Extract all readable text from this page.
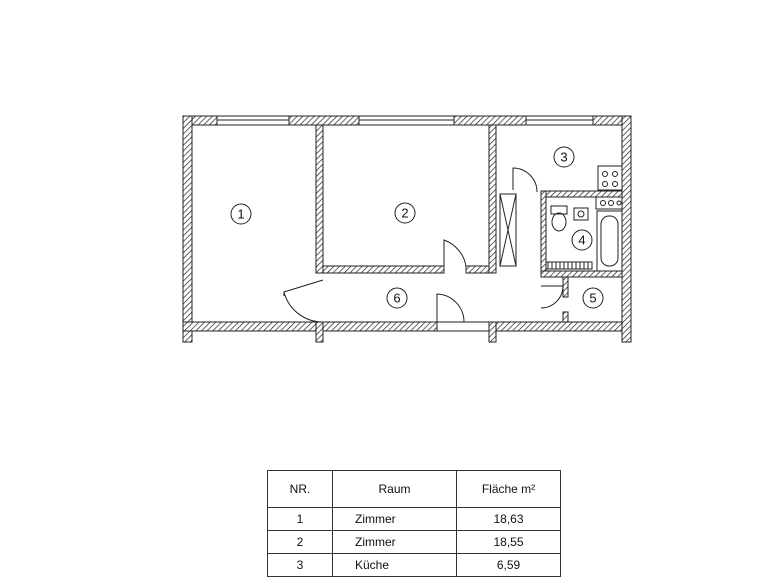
1	2
3
4
5
6
NR.	Raum	Fläche m²
1	Zimmer	18,63
2	Zimmer	18,55
3	Küche	6,59
